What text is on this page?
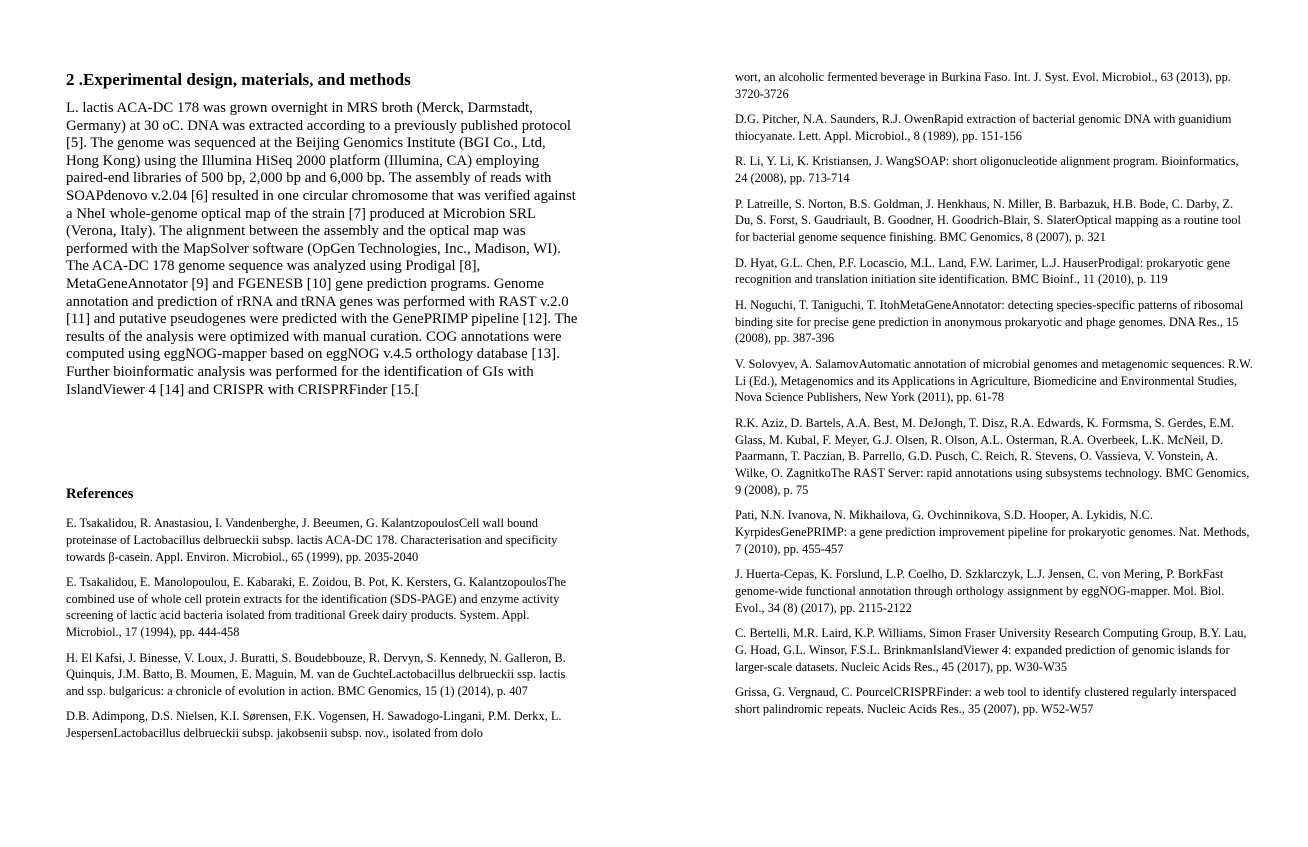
2 .Experimental design, materials, and methods

L. lactis ACA-DC 178 was grown overnight in MRS broth (Merck, Darmstadt, Germany) at 30 oC. DNA was extracted according to a previously published protocol [5]. The genome was sequenced at the Beijing Genomics Institute (BGI Co., Ltd, Hong Kong) using the Illumina HiSeq 2000 platform (Illumina, CA) employing paired-end libraries of 500 bp, 2,000 bp and 6,000 bp. The assembly of reads with SOAPdenovo v.2.04 [6] resulted in one circular chromosome that was verified against a NheI whole-genome optical map of the strain [7] produced at Microbion SRL (Verona, Italy). The alignment between the assembly and the optical map was performed with the MapSolver software (OpGen Technologies, Inc., Madison, WI). The ACA-DC 178 genome sequence was analyzed using Prodigal [8], MetaGeneAnnotator [9] and FGENESB [10] gene prediction programs. Genome annotation and prediction of rRNA and tRNA genes was performed with RAST v.2.0 [11] and putative pseudogenes were predicted with the GenePRIMP pipeline [12]. The results of the analysis were optimized with manual curation. COG annotations were computed using eggNOG-mapper based on eggNOG v.4.5 orthology database [13]. Further bioinformatic analysis was performed for the identification of GIs with IslandViewer 4 [14] and CRISPR with CRISPRFinder [15.[

References

E. Tsakalidou, R. Anastasiou, I. Vandenberghe, J. Beeumen, G. KalantzopoulosCell wall bound proteinase of Lactobacillus delbrueckii subsp. lactis ACA-DC 178. Characterisation and specificity towards β-casein. Appl. Environ. Microbiol., 65 (1999), pp. 2035-2040

E. Tsakalidou, E. Manolopoulou, E. Kabaraki, E. Zoidou, B. Pot, K. Kersters, G. KalantzopoulosThe combined use of whole cell protein extracts for the identification (SDS-PAGE) and enzyme activity screening of lactic acid bacteria isolated from traditional Greek dairy products. System. Appl. Microbiol., 17 (1994), pp. 444-458

H. El Kafsi, J. Binesse, V. Loux, J. Buratti, S. Boudebbouze, R. Dervyn, S. Kennedy, N. Galleron, B. Quinquis, J.M. Batto, B. Moumen, E. Maguin, M. van de GuchteLactobacillus delbrueckii ssp. lactis and ssp. bulgaricus: a chronicle of evolution in action. BMC Genomics, 15 (1) (2014), p. 407

D.B. Adimpong, D.S. Nielsen, K.I. Sørensen, F.K. Vogensen, H. Sawadogo-Lingani, P.M. Derkx, L. JespersenLactobacillus delbrueckii subsp. jakobsenii subsp. nov., isolated from dolo

wort, an alcoholic fermented beverage in Burkina Faso. Int. J. Syst. Evol. Microbiol., 63 (2013), pp. 3720-3726

D.G. Pitcher, N.A. Saunders, R.J. OwenRapid extraction of bacterial genomic DNA with guanidium thiocyanate. Lett. Appl. Microbiol., 8 (1989), pp. 151-156

R. Li, Y. Li, K. Kristiansen, J. WangSOAP: short oligonucleotide alignment program. Bioinformatics, 24 (2008), pp. 713-714

P. Latreille, S. Norton, B.S. Goldman, J. Henkhaus, N. Miller, B. Barbazuk, H.B. Bode, C. Darby, Z. Du, S. Forst, S. Gaudriault, B. Goodner, H. Goodrich-Blair, S. SlaterOptical mapping as a routine tool for bacterial genome sequence finishing. BMC Genomics, 8 (2007), p. 321

D. Hyat, G.L. Chen, P.F. Locascio, M.L. Land, F.W. Larimer, L.J. HauserProdigal: prokaryotic gene recognition and translation initiation site identification. BMC Bioinf., 11 (2010), p. 119

H. Noguchi, T. Taniguchi, T. ItohMetaGeneAnnotator: detecting species-specific patterns of ribosomal binding site for precise gene prediction in anonymous prokaryotic and phage genomes. DNA Res., 15 (2008), pp. 387-396

V. Solovyev, A. SalamovAutomatic annotation of microbial genomes and metagenomic sequences. R.W. Li (Ed.), Metagenomics and its Applications in Agriculture, Biomedicine and Environmental Studies, Nova Science Publishers, New York (2011), pp. 61-78

R.K. Aziz, D. Bartels, A.A. Best, M. DeJongh, T. Disz, R.A. Edwards, K. Formsma, S. Gerdes, E.M. Glass, M. Kubal, F. Meyer, G.J. Olsen, R. Olson, A.L. Osterman, R.A. Overbeek, L.K. McNeil, D. Paarmann, T. Paczian, B. Parrello, G.D. Pusch, C. Reich, R. Stevens, O. Vassieva, V. Vonstein, A. Wilke, O. ZagnitkoThe RAST Server: rapid annotations using subsystems technology. BMC Genomics, 9 (2008), p. 75

Pati, N.N. Ivanova, N. Mikhailova, G. Ovchinnikova, S.D. Hooper, A. Lykidis, N.C. KyrpidesGenePRIMP: a gene prediction improvement pipeline for prokaryotic genomes. Nat. Methods, 7 (2010), pp. 455-457

J. Huerta-Cepas, K. Forslund, L.P. Coelho, D. Szklarczyk, L.J. Jensen, C. von Mering, P. BorkFast genome-wide functional annotation through orthology assignment by eggNOG-mapper. Mol. Biol. Evol., 34 (8) (2017), pp. 2115-2122

C. Bertelli, M.R. Laird, K.P. Williams, Simon Fraser University Research Computing Group, B.Y. Lau, G. Hoad, G.L. Winsor, F.S.L. BrinkmanIslandViewer 4: expanded prediction of genomic islands for larger-scale datasets. Nucleic Acids Res., 45 (2017), pp. W30-W35

Grissa, G. Vergnaud, C. PourcelCRISPRFinder: a web tool to identify clustered regularly interspaced short palindromic repeats. Nucleic Acids Res., 35 (2007), pp. W52-W57
